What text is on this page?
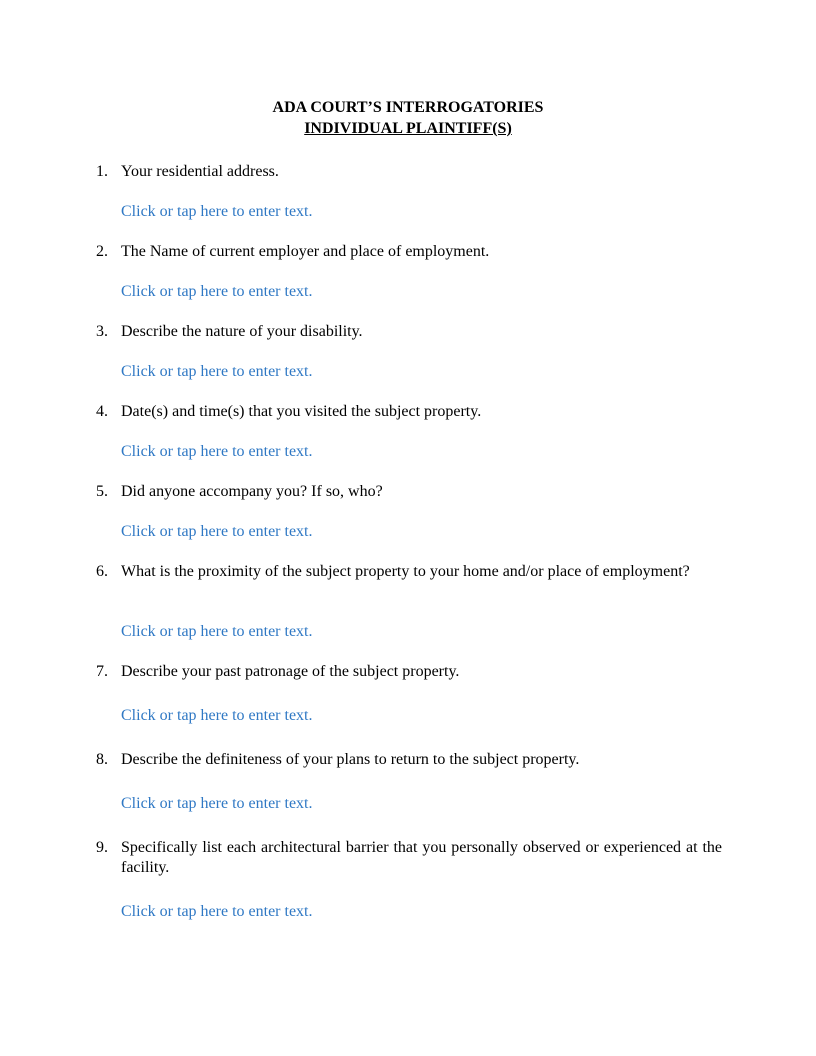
ADA COURT’S INTERROGATORIES
INDIVIDUAL PLAINTIFF(S)
1. Your residential address.
Click or tap here to enter text.
2. The Name of current employer and place of employment.
Click or tap here to enter text.
3. Describe the nature of your disability.
Click or tap here to enter text.
4. Date(s) and time(s) that you visited the subject property.
Click or tap here to enter text.
5. Did anyone accompany you? If so, who?
Click or tap here to enter text.
6. What is the proximity of the subject property to your home and/or place of employment?
Click or tap here to enter text.
7. Describe your past patronage of the subject property.
Click or tap here to enter text.
8. Describe the definiteness of your plans to return to the subject property.
Click or tap here to enter text.
9. Specifically list each architectural barrier that you personally observed or experienced at the facility.
Click or tap here to enter text.
